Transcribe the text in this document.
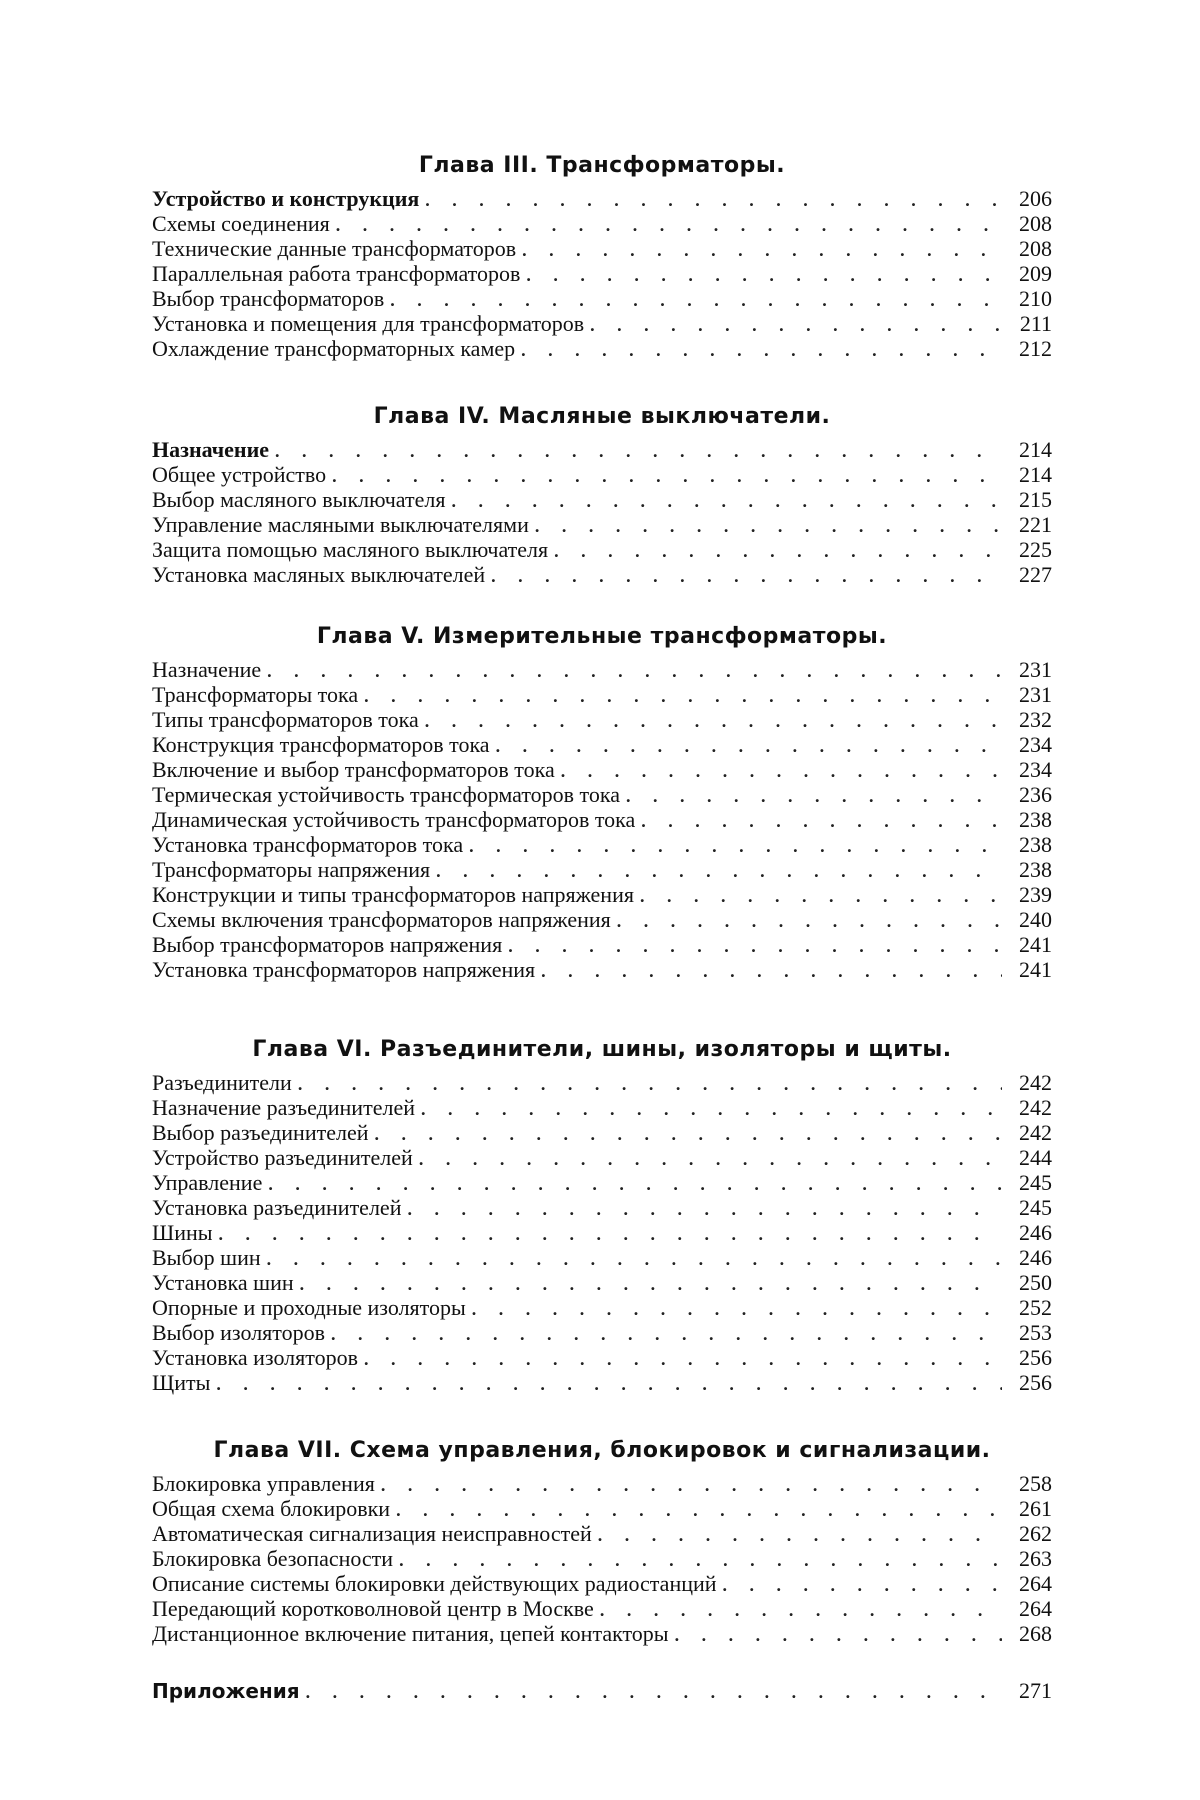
Глава III. Трансформаторы.
Устройство и конструкция . . .	206
Схемы соединения . . .	208
Технические данные трансформаторов . . .	208
Параллельная работа трансформаторов . . .	209
Выбор трансформаторов . . .	210
Установка и помещения для трансформаторов . . .	211
Охлаждение трансформаторных камер . . .	212
Глава IV. Масляные выключатели.
Назначение . . .	214
Общее устройство . . .	214
Выбор масляного выключателя . . .	215
Управление масляными выключателями . . .	221
Защита помощью масляного выключателя . . .	225
Установка масляных выключателей . . .	227
Глава V. Измерительные трансформаторы.
Назначение . . .	231
Трансформаторы тока . . .	231
Типы трансформаторов тока . . .	232
Конструкция трансформаторов тока . . .	234
Включение и выбор трансформаторов тока . . .	234
Термическая устойчивость трансформаторов тока . . .	236
Динамическая устойчивость трансформаторов тока . . .	238
Установка трансформаторов тока . . .	238
Трансформаторы напряжения . . .	238
Конструкции и типы трансформаторов напряжения . . .	239
Схемы включения трансформаторов напряжения . . .	240
Выбор трансформаторов напряжения . . .	241
Установка трансформаторов напряжения . . .	241
Глава VI. Разъединители, шины, изоляторы и щиты.
Разъединители . . .	242
Назначение разъединителей . . .	242
Выбор разъединителей . . .	242
Устройство разъединителей . . .	244
Управление . . .	245
Установка разъединителей . . .	245
Шины . . .	246
Выбор шин . . .	246
Установка шин . . .	250
Опорные и проходные изоляторы . . .	252
Выбор изоляторов . . .	253
Установка изоляторов . . .	256
Щиты . . .	256
Глава VII. Схема управления, блокировок и сигнализации.
Блокировка управления . . .	258
Общая схема блокировки . . .	261
Автоматическая сигнализация неисправностей . . .	262
Блокировка безопасности . . .	263
Описание системы блокировки действующих радиостанций . . .	264
Передающий коротковолновой центр в Москве . . .	264
Дистанционное включение питания, цепей контакторы . . .	268
Приложения . . .	271
